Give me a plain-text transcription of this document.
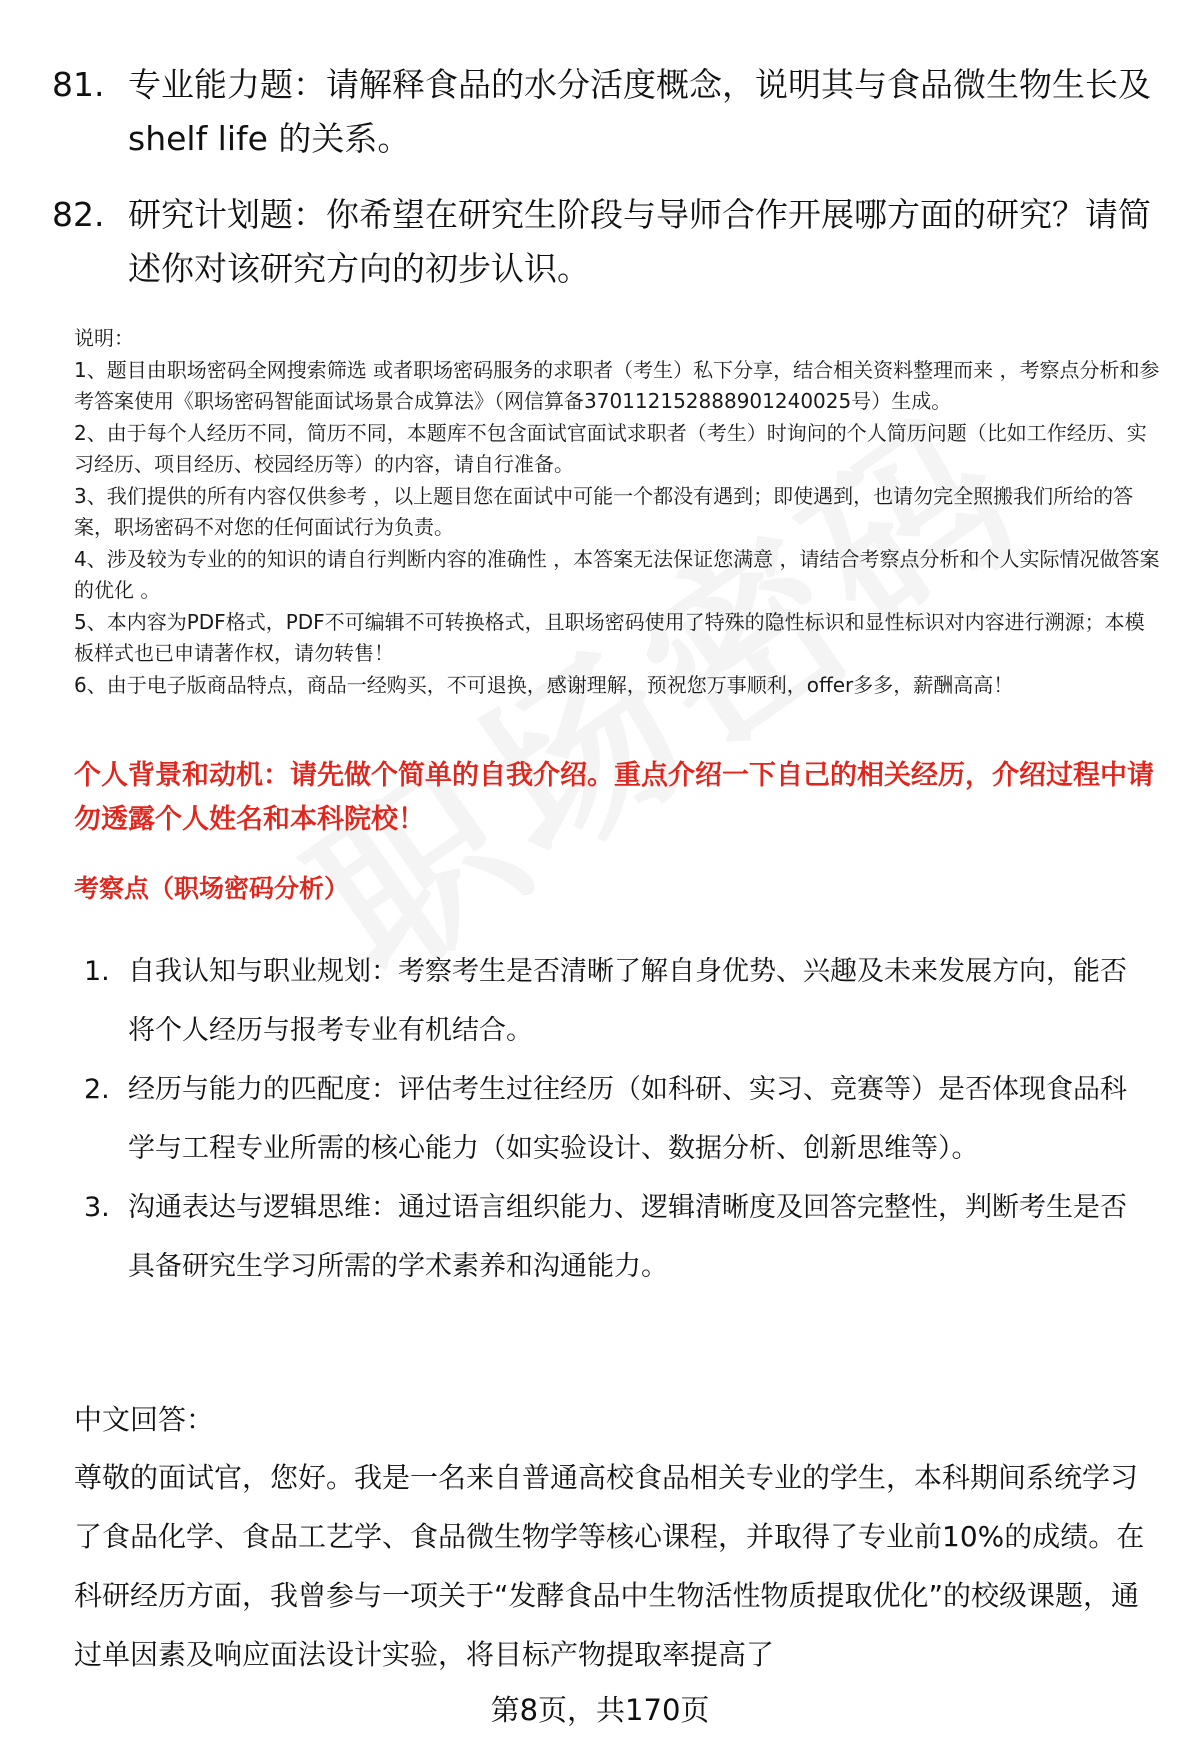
81. 专业能力题：请解释食品的水分活度概念，说明其与食品微生物生长及 shelf life 的关系。
82. 研究计划题：你希望在研究生阶段与导师合作开展哪方面的研究？请简述你对该研究方向的初步认识。

说明：

1、题目由职场密码全网搜索筛选 或者职场密码服务的求职者（考生）私下分享，结合相关资料整理而来 ，考察点分析和参考答案使用《职场密码智能面试场景合成算法》（网信算备370112152888901240025号）生成。

2、由于每个人经历不同，简历不同，本题库不包含面试官面试求职者（考生）时询问的个人简历问题（比如工作经历、实习经历、项目经历、校园经历等）的内容，请自行准备。

3、我们提供的所有内容仅供参考 ，以上题目您在面试中可能一个都没有遇到；即使遇到，也请勿完全照搬我们所给的答案，职场密码不对您的任何面试行为负责。

4、涉及较为专业的的知识的请自行判断内容的准确性 ，本答案无法保证您满意 ，请结合考察点分析和个人实际情况做答案的优化 。

5、本内容为PDF格式，PDF不可编辑不可转换格式，且职场密码使用了特殊的隐性标识和显性标识对内容进行溯源；本模板样式也已申请著作权，请勿转售！

6、由于电子版商品特点，商品一经购买，不可退换，感谢理解，预祝您万事顺利，offer多多，薪酬高高！

个人背景和动机：请先做个简单的自我介绍。重点介绍一下自己的相关经历，介绍过程中请勿透露个人姓名和本科院校！
考察点（职场密码分析）
1. 自我认知与职业规划：考察考生是否清晰了解自身优势、兴趣及未来发展方向，能否将个人经历与报考专业有机结合。
2. 经历与能力的匹配度：评估考生过往经历（如科研、实习、竞赛等）是否体现食品科学与工程专业所需的核心能力（如实验设计、数据分析、创新思维等）。
3. 沟通表达与逻辑思维：通过语言组织能力、逻辑清晰度及回答完整性，判断考生是否具备研究生学习所需的学术素养和沟通能力。
中文回答：
尊敬的面试官，您好。我是一名来自普通高校食品相关专业的学生，本科期间系统学习了食品化学、食品工艺学、食品微生物学等核心课程，并取得了专业前10%的成绩。在科研经历方面，我曾参与一项关于“发酵食品中生物活性物质提取优化”的校级课题，通过单因素及响应面法设计实验，将目标产物提取率提高了
第8页，共170页
